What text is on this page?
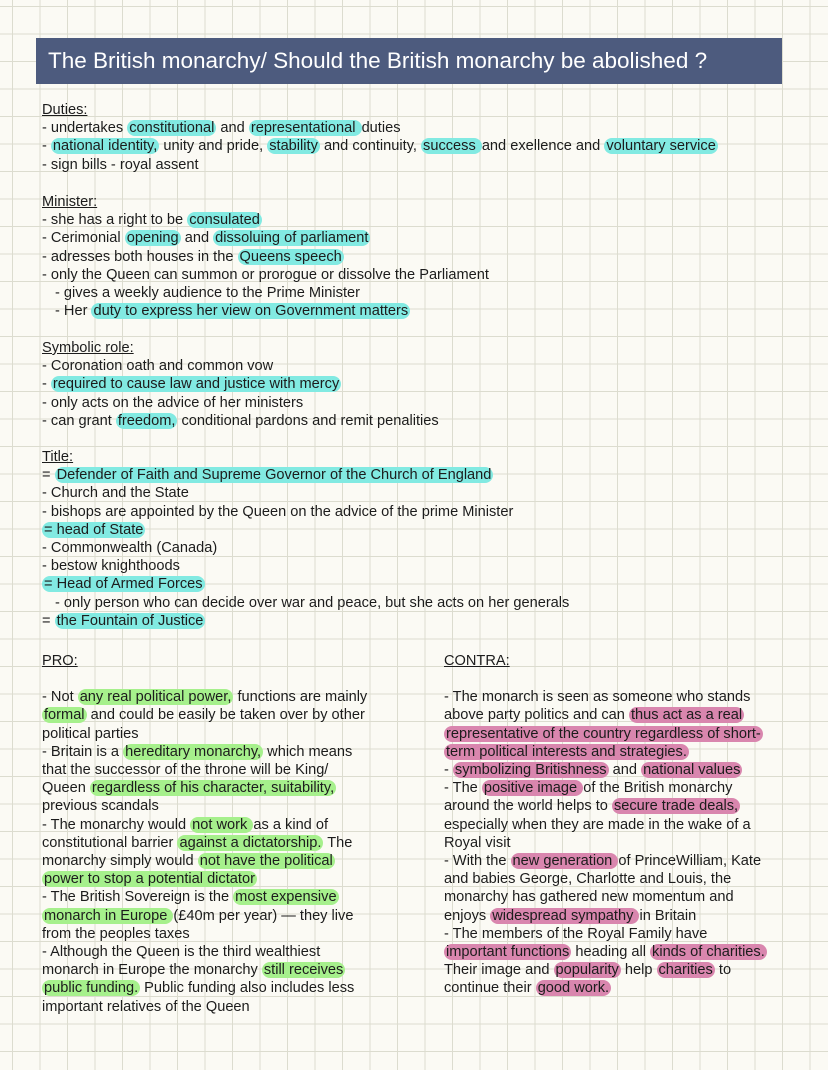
The British monarchy/ Should the British monarchy be abolished ?
Duties:
- undertakes constitutional and representational duties
- national identity, unity and pride, stability and continuity, success and exellence and voluntary service
- sign bills - royal assent
Minister:
- she has a right to be consulated
- Cerimonial opening and dissoluing of parliament
- adresses both houses in the Queens speech
- only the Queen can summon or prorogue or dissolve the Parliament
- gives a weekly audience to the Prime Minister
- Her duty to express her view on Government matters
Symbolic role:
- Coronation oath and common vow
- required to cause law and justice with mercy
- only acts on the advice of her ministers
- can grant freedom, conditional pardons and remit penalities
Title:
= Defender of Faith and Supreme Governor of the Church of England
- Church and the State
- bishops are appointed by the Queen on the advice of the prime Minister
= head of State
- Commonwealth (Canada)
- bestow knighthoods
= Head of Armed Forces
- only person who can decide over war and peace, but she acts on her generals
= the Fountain of Justice
PRO:
- Not any real political power, functions are mainly
formal and could be easily be taken over by other
political parties
- Britain is a hereditary monarchy, which means
that the successor of the throne will be King/
Queen regardless of his character, suitability,
previous scandals
- The monarchy would not work as a kind of
constitutional barrier against a dictatorship. The
monarchy simply would not have the political
power to stop a potential dictator
- The British Sovereign is the most expensive
monarch in Europe (£40m per year) — they live
from the peoples taxes
- Although the Queen is the third wealthiest
monarch in Europe the monarchy still receives
public funding. Public funding also includes less
important relatives of the Queen
CONTRA:
- The monarch is seen as someone who stands
above party politics and can thus act as a real
representative of the country regardless of short-
term political interests and strategies.
- symbolizing Britishness and national values
- The positive image of the British monarchy
around the world helps to secure trade deals,
especially when they are made in the wake of a
Royal visit
- With the new generation of PrinceWilliam, Kate
and babies George, Charlotte and Louis, the
monarchy has gathered new momentum and
enjoys widespread sympathy in Britain
- The members of the Royal Family have
important functions heading all kinds of charities.
Their image and popularity help charities to
continue their good work.
